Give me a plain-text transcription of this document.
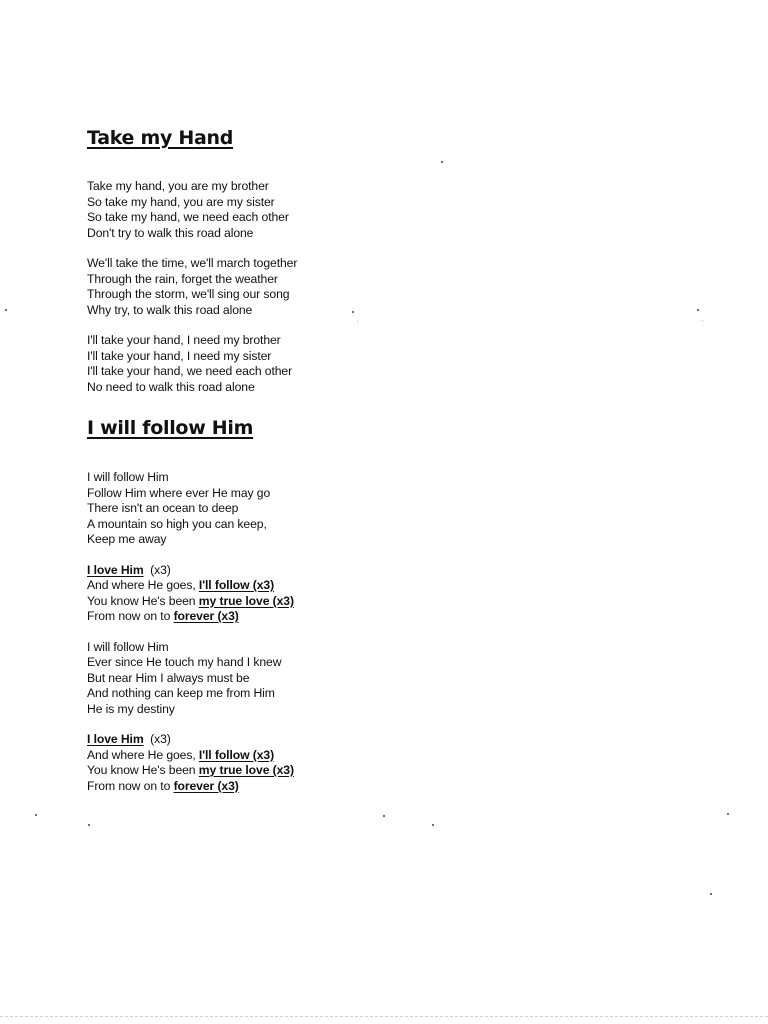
Take my Hand
Take my hand, you are my brother
So take my hand, you are my sister
So take my hand, we need each other
Don't try to walk this road alone
We'll take the time, we'll march together
Through the rain, forget the weather
Through the storm, we'll sing our song
Why try, to walk this road alone
I'll take your hand, I need my brother
I'll take your hand, I need my sister
I'll take your hand, we need each other
No need to walk this road alone
I will follow Him
I will follow Him
Follow Him where ever He may go
There isn't an ocean to deep
A mountain so high you can keep,
Keep me away
I love Him (x3)
And where He goes, I'll follow (x3)
You know He's been my true love (x3)
From now on to forever (x3)
I will follow Him
Ever since He touch my hand I knew
But near Him I always must be
And nothing can keep me from Him
He is my destiny
I love Him (x3)
And where He goes, I'll follow (x3)
You know He's been my true love (x3)
From now on to forever (x3)
